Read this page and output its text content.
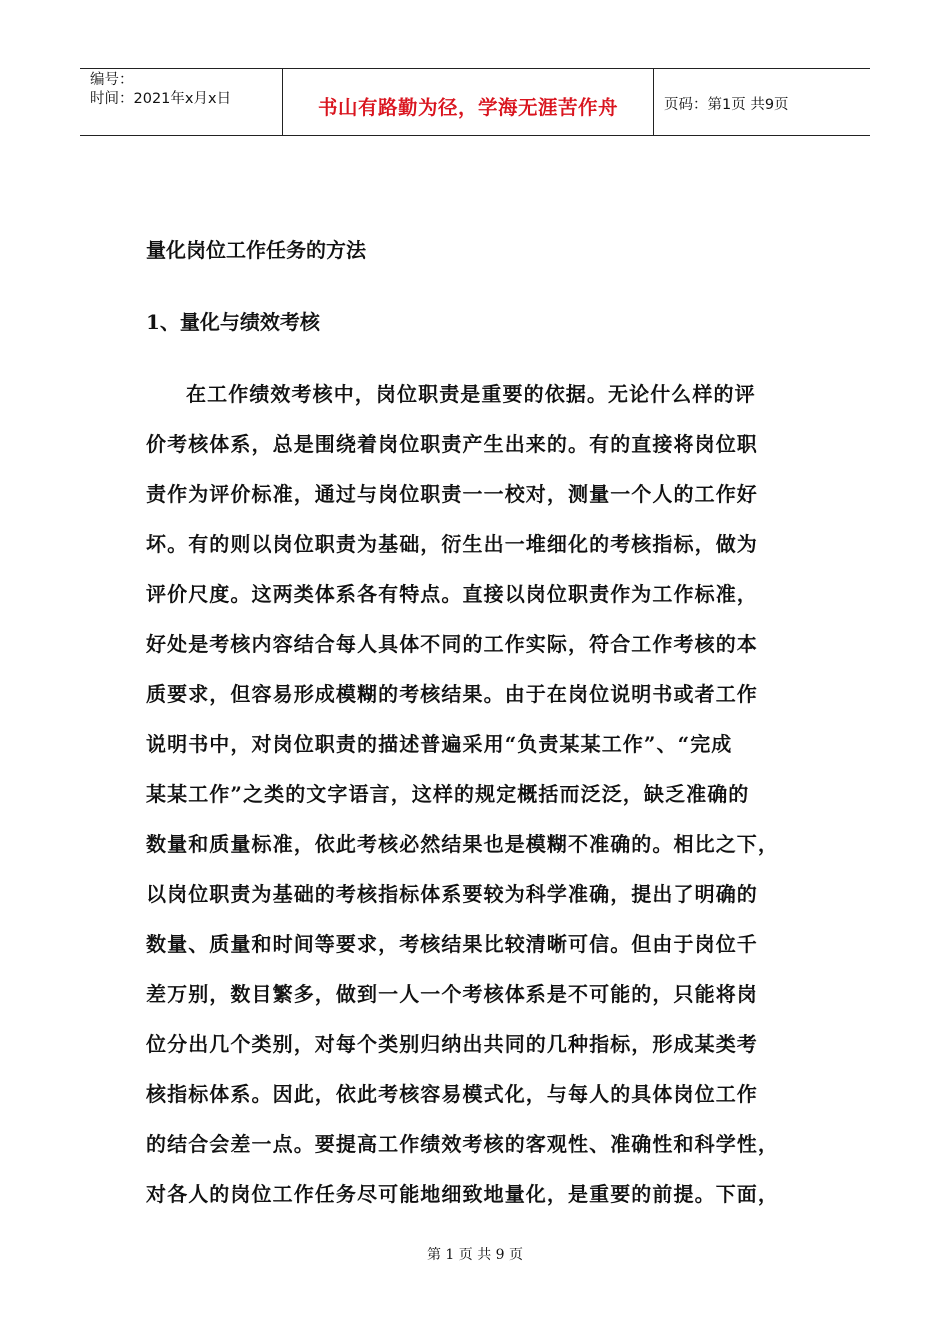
编号：
时间：2021年x月x日	书山有路勤为径，学海无涯苦作舟	页码：第1页 共9页
量化岗位工作任务的方法
1、量化与绩效考核
在工作绩效考核中，岗位职责是重要的依据。无论什么样的评
价考核体系，总是围绕着岗位职责产生出来的。有的直接将岗位职
责作为评价标准，通过与岗位职责一一校对，测量一个人的工作好
坏。有的则以岗位职责为基础，衍生出一堆细化的考核指标，做为
评价尺度。这两类体系各有特点。直接以岗位职责作为工作标准，
好处是考核内容结合每人具体不同的工作实际，符合工作考核的本
质要求，但容易形成模糊的考核结果。由于在岗位说明书或者工作
说明书中，对岗位职责的描述普遍采用“负责某某工作”、“完成
某某工作”之类的文字语言，这样的规定概括而泛泛，缺乏准确的
数量和质量标准，依此考核必然结果也是模糊不准确的。相比之下，
以岗位职责为基础的考核指标体系要较为科学准确，提出了明确的
数量、质量和时间等要求，考核结果比较清晰可信。但由于岗位千
差万别，数目繁多，做到一人一个考核体系是不可能的，只能将岗
位分出几个类别，对每个类别归纳出共同的几种指标，形成某类考
核指标体系。因此，依此考核容易模式化，与每人的具体岗位工作
的结合会差一点。要提高工作绩效考核的客观性、准确性和科学性，
对各人的岗位工作任务尽可能地细致地量化，是重要的前提。下面，
第 1 页 共 9 页
